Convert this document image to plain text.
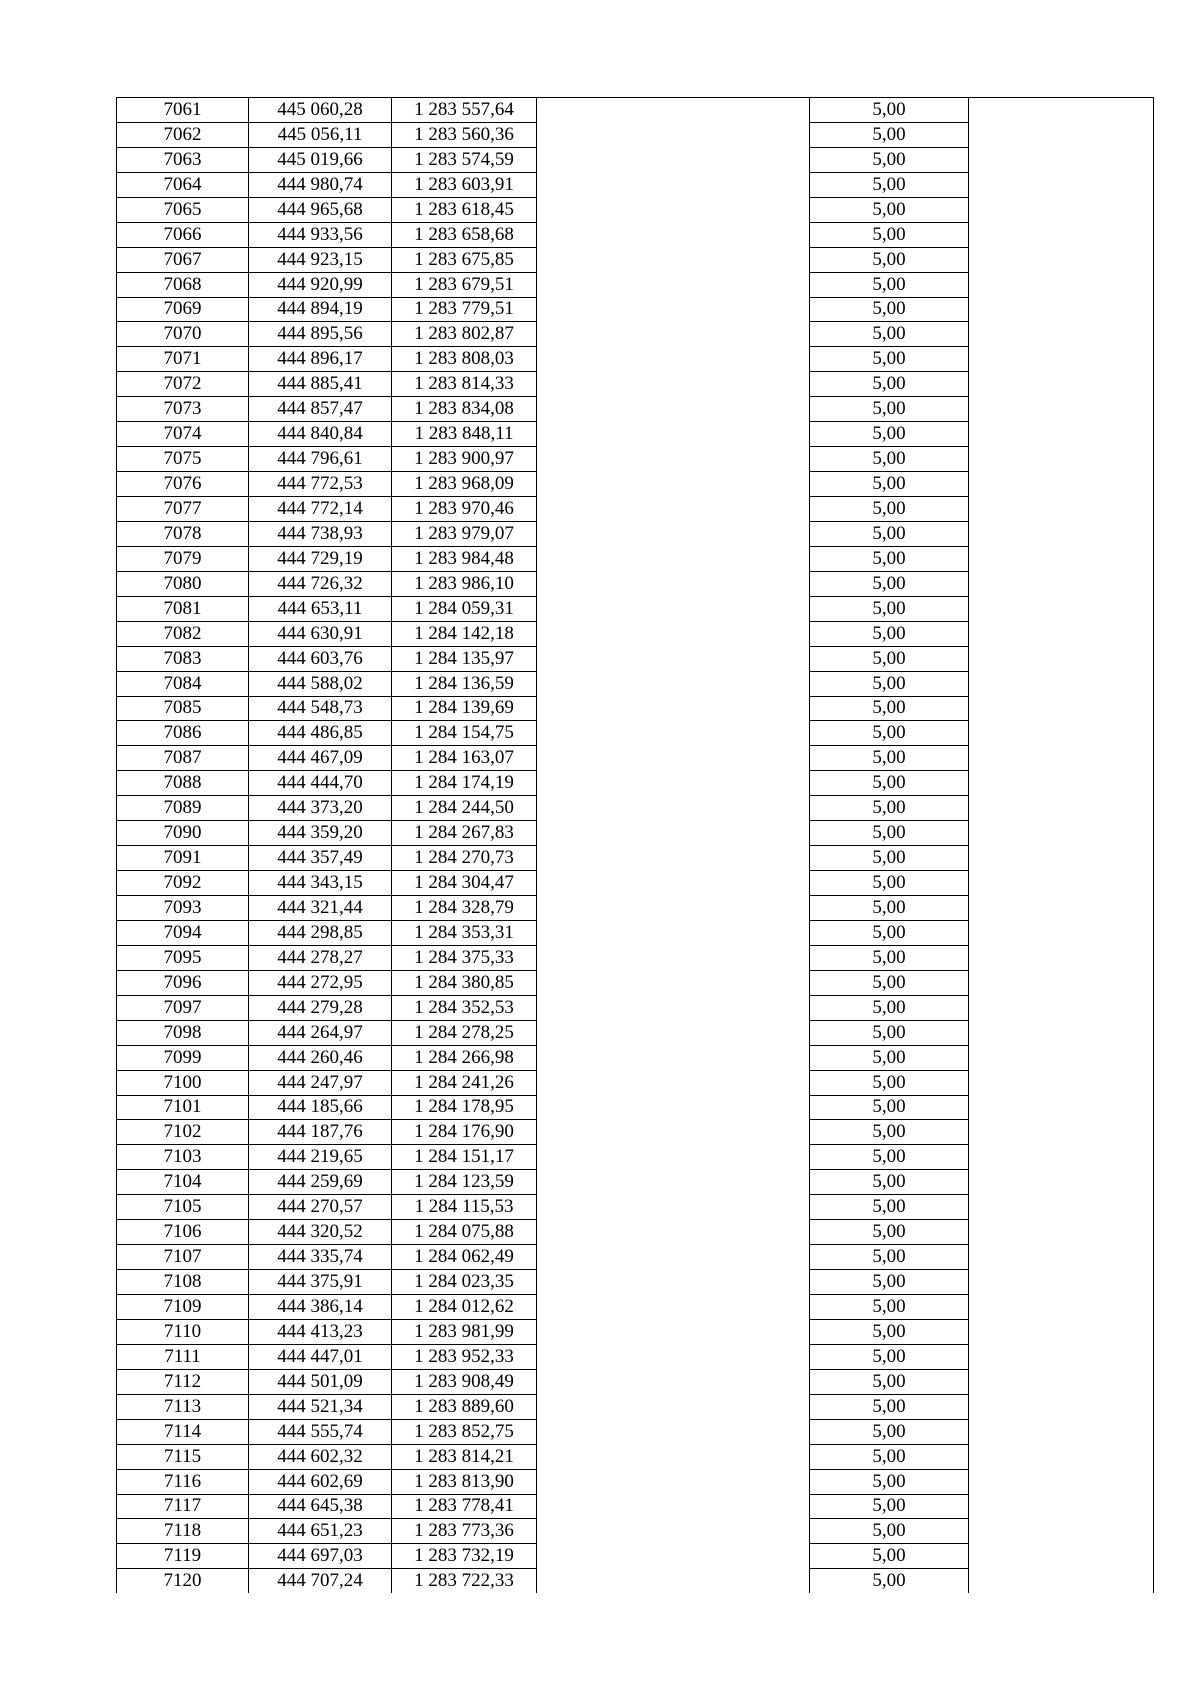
7061	445 060,28	1 283 557,64		5,00	
7062	445 056,11	1 283 560,36		5,00	
7063	445 019,66	1 283 574,59		5,00	
7064	444 980,74	1 283 603,91		5,00	
7065	444 965,68	1 283 618,45		5,00	
7066	444 933,56	1 283 658,68		5,00	
7067	444 923,15	1 283 675,85		5,00	
7068	444 920,99	1 283 679,51		5,00	
7069	444 894,19	1 283 779,51		5,00	
7070	444 895,56	1 283 802,87		5,00	
7071	444 896,17	1 283 808,03		5,00	
7072	444 885,41	1 283 814,33		5,00	
7073	444 857,47	1 283 834,08		5,00	
7074	444 840,84	1 283 848,11		5,00	
7075	444 796,61	1 283 900,97		5,00	
7076	444 772,53	1 283 968,09		5,00	
7077	444 772,14	1 283 970,46		5,00	
7078	444 738,93	1 283 979,07		5,00	
7079	444 729,19	1 283 984,48		5,00	
7080	444 726,32	1 283 986,10		5,00	
7081	444 653,11	1 284 059,31		5,00	
7082	444 630,91	1 284 142,18		5,00	
7083	444 603,76	1 284 135,97		5,00	
7084	444 588,02	1 284 136,59		5,00	
7085	444 548,73	1 284 139,69		5,00	
7086	444 486,85	1 284 154,75		5,00	
7087	444 467,09	1 284 163,07		5,00	
7088	444 444,70	1 284 174,19		5,00	
7089	444 373,20	1 284 244,50		5,00	
7090	444 359,20	1 284 267,83		5,00	
7091	444 357,49	1 284 270,73		5,00	
7092	444 343,15	1 284 304,47		5,00	
7093	444 321,44	1 284 328,79		5,00	
7094	444 298,85	1 284 353,31		5,00	
7095	444 278,27	1 284 375,33		5,00	
7096	444 272,95	1 284 380,85		5,00	
7097	444 279,28	1 284 352,53		5,00	
7098	444 264,97	1 284 278,25		5,00	
7099	444 260,46	1 284 266,98		5,00	
7100	444 247,97	1 284 241,26		5,00	
7101	444 185,66	1 284 178,95		5,00	
7102	444 187,76	1 284 176,90		5,00	
7103	444 219,65	1 284 151,17		5,00	
7104	444 259,69	1 284 123,59		5,00	
7105	444 270,57	1 284 115,53		5,00	
7106	444 320,52	1 284 075,88		5,00	
7107	444 335,74	1 284 062,49		5,00	
7108	444 375,91	1 284 023,35		5,00	
7109	444 386,14	1 284 012,62		5,00	
7110	444 413,23	1 283 981,99		5,00	
7111	444 447,01	1 283 952,33		5,00	
7112	444 501,09	1 283 908,49		5,00	
7113	444 521,34	1 283 889,60		5,00	
7114	444 555,74	1 283 852,75		5,00	
7115	444 602,32	1 283 814,21		5,00	
7116	444 602,69	1 283 813,90		5,00	
7117	444 645,38	1 283 778,41		5,00	
7118	444 651,23	1 283 773,36		5,00	
7119	444 697,03	1 283 732,19		5,00	
7120	444 707,24	1 283 722,33		5,00	
